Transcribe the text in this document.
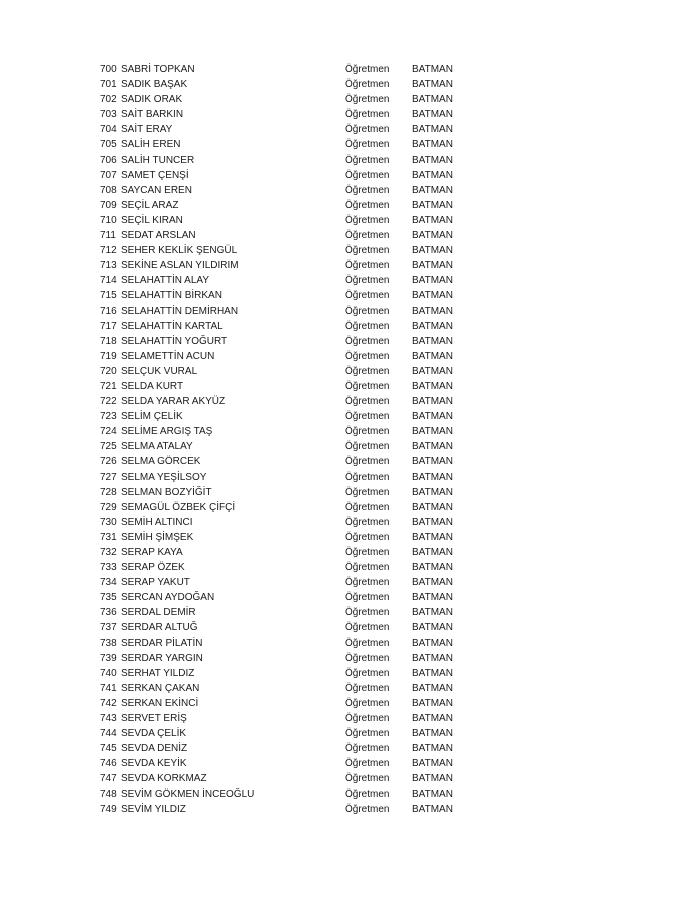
700 SABRİ TOPKAN	Öğretmen	BATMAN
701 SADIK BAŞAK	Öğretmen	BATMAN
702 SADIK ORAK	Öğretmen	BATMAN
703 SAİT BARKIN	Öğretmen	BATMAN
704 SAİT ERAY	Öğretmen	BATMAN
705 SALİH EREN	Öğretmen	BATMAN
706 SALİH TUNCER	Öğretmen	BATMAN
707 SAMET ÇENŞİ	Öğretmen	BATMAN
708 SAYCAN EREN	Öğretmen	BATMAN
709 SEÇİL ARAZ	Öğretmen	BATMAN
710 SEÇİL KIRAN	Öğretmen	BATMAN
711 SEDAT ARSLAN	Öğretmen	BATMAN
712 SEHER KEKLİK ŞENGÜL	Öğretmen	BATMAN
713 SEKİNE ASLAN YILDIRIM	Öğretmen	BATMAN
714 SELAHATTİN ALAY	Öğretmen	BATMAN
715 SELAHATTİN BİRKAN	Öğretmen	BATMAN
716 SELAHATTİN DEMİRHAN	Öğretmen	BATMAN
717 SELAHATTİN KARTAL	Öğretmen	BATMAN
718 SELAHATTİN YOĞURT	Öğretmen	BATMAN
719 SELAMETTİN ACUN	Öğretmen	BATMAN
720 SELÇUK VURAL	Öğretmen	BATMAN
721 SELDA KURT	Öğretmen	BATMAN
722 SELDA YARAR AKYÜZ	Öğretmen	BATMAN
723 SELİM ÇELİK	Öğretmen	BATMAN
724 SELİME ARGIŞ TAŞ	Öğretmen	BATMAN
725 SELMA ATALAY	Öğretmen	BATMAN
726 SELMA GÖRCEK	Öğretmen	BATMAN
727 SELMA YEŞİLSOY	Öğretmen	BATMAN
728 SELMAN BOZYİĞİT	Öğretmen	BATMAN
729 SEMAGÜL ÖZBEK ÇİFÇİ	Öğretmen	BATMAN
730 SEMİH ALTINCI	Öğretmen	BATMAN
731 SEMİH ŞİMŞEK	Öğretmen	BATMAN
732 SERAP KAYA	Öğretmen	BATMAN
733 SERAP ÖZEK	Öğretmen	BATMAN
734 SERAP YAKUT	Öğretmen	BATMAN
735 SERCAN AYDOĞAN	Öğretmen	BATMAN
736 SERDAL DEMİR	Öğretmen	BATMAN
737 SERDAR ALTUĞ	Öğretmen	BATMAN
738 SERDAR PİLATİN	Öğretmen	BATMAN
739 SERDAR YARGIN	Öğretmen	BATMAN
740 SERHAT YILDIZ	Öğretmen	BATMAN
741 SERKAN ÇAKAN	Öğretmen	BATMAN
742 SERKAN EKİNCİ	Öğretmen	BATMAN
743 SERVET ERİŞ	Öğretmen	BATMAN
744 SEVDA ÇELİK	Öğretmen	BATMAN
745 SEVDA DENİZ	Öğretmen	BATMAN
746 SEVDA KEYİK	Öğretmen	BATMAN
747 SEVDA KORKMAZ	Öğretmen	BATMAN
748 SEVİM GÖKMEN İNCEOĞLU	Öğretmen	BATMAN
749 SEVİM YILDIZ	Öğretmen	BATMAN
